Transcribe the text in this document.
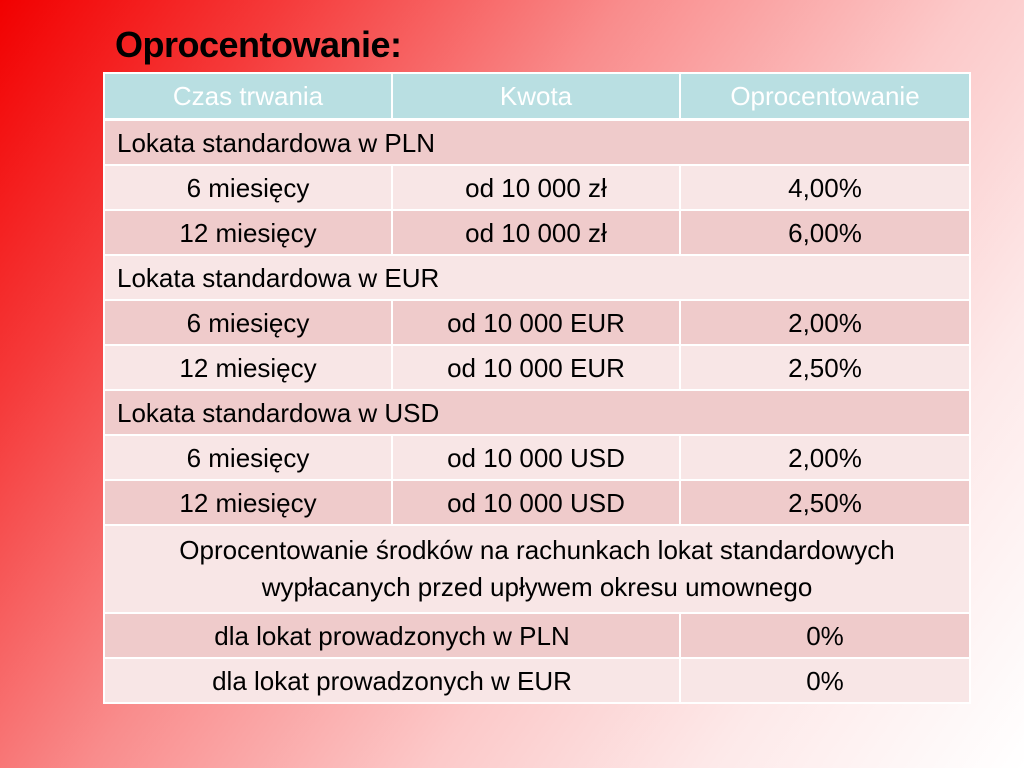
Oprocentowanie:
Czas trwania	Kwota	Oprocentowanie
Lokata standardowa w PLN		
6 miesięcy	od 10 000 zł	4,00%
12 miesięcy	od 10 000 zł	6,00%
Lokata standardowa w EUR		
6 miesięcy	od 10 000 EUR	2,00%
12 miesięcy	od 10 000 EUR	2,50%
Lokata standardowa w USD		
6 miesięcy	od 10 000 USD	2,00%
12 miesięcy	od 10 000 USD	2,50%
Oprocentowanie środków na rachunkach lokat standardowych wypłacanych przed upływem okresu umownego		
dla lokat prowadzonych w PLN		0%
dla lokat prowadzonych w EUR		0%
